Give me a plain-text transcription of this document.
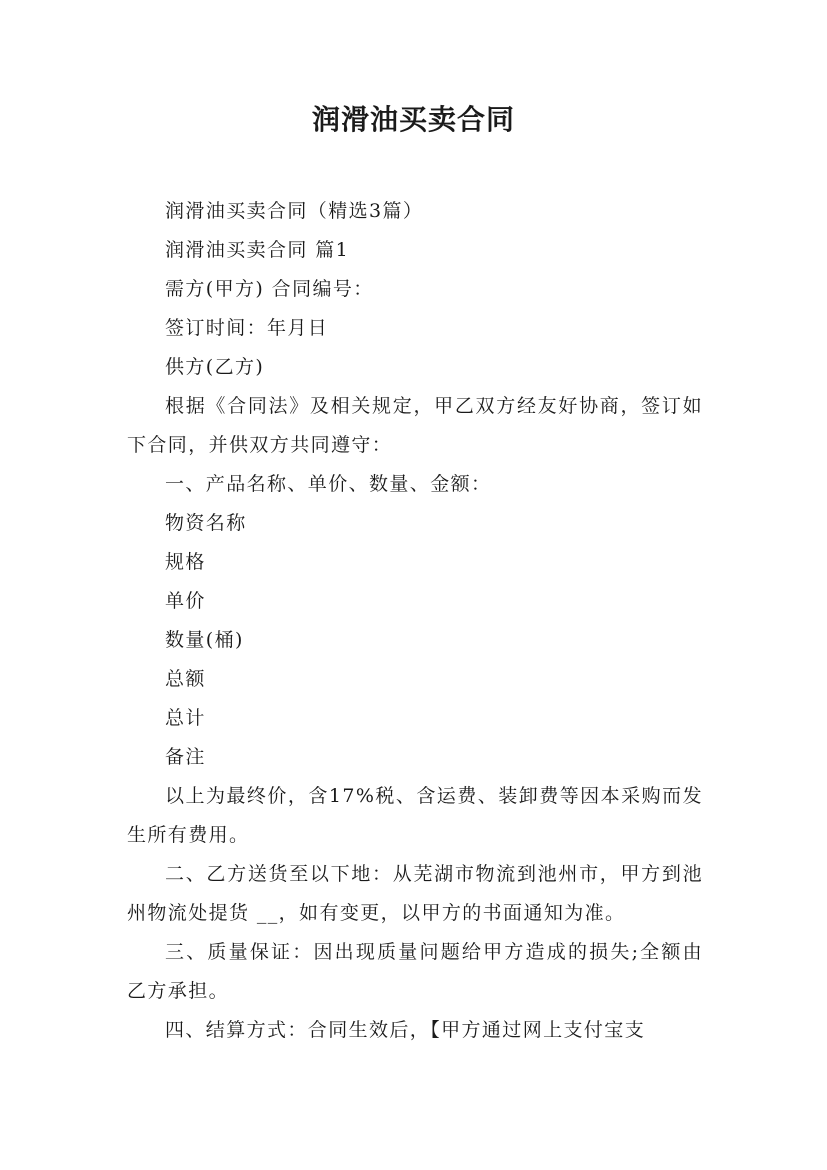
润滑油买卖合同

润滑油买卖合同（精选3篇）

润滑油买卖合同 篇1

需方(甲方) 合同编号：

签订时间：年月日

供方(乙方)

根据《合同法》及相关规定，甲乙双方经友好协商，签订如下合同，并供双方共同遵守：

一、产品名称、单价、数量、金额：

物资名称

规格

单价

数量(桶)

总额

总计

备注

以上为最终价，含17%税、含运费、装卸费等因本采购而发生所有费用。

二、乙方送货至以下地：从芜湖市物流到池州市，甲方到池州物流处提货 __，如有变更，以甲方的书面通知为准。

三、质量保证：因出现质量问题给甲方造成的损失;全额由乙方承担。

四、结算方式：合同生效后，【甲方通过网上支付宝支
